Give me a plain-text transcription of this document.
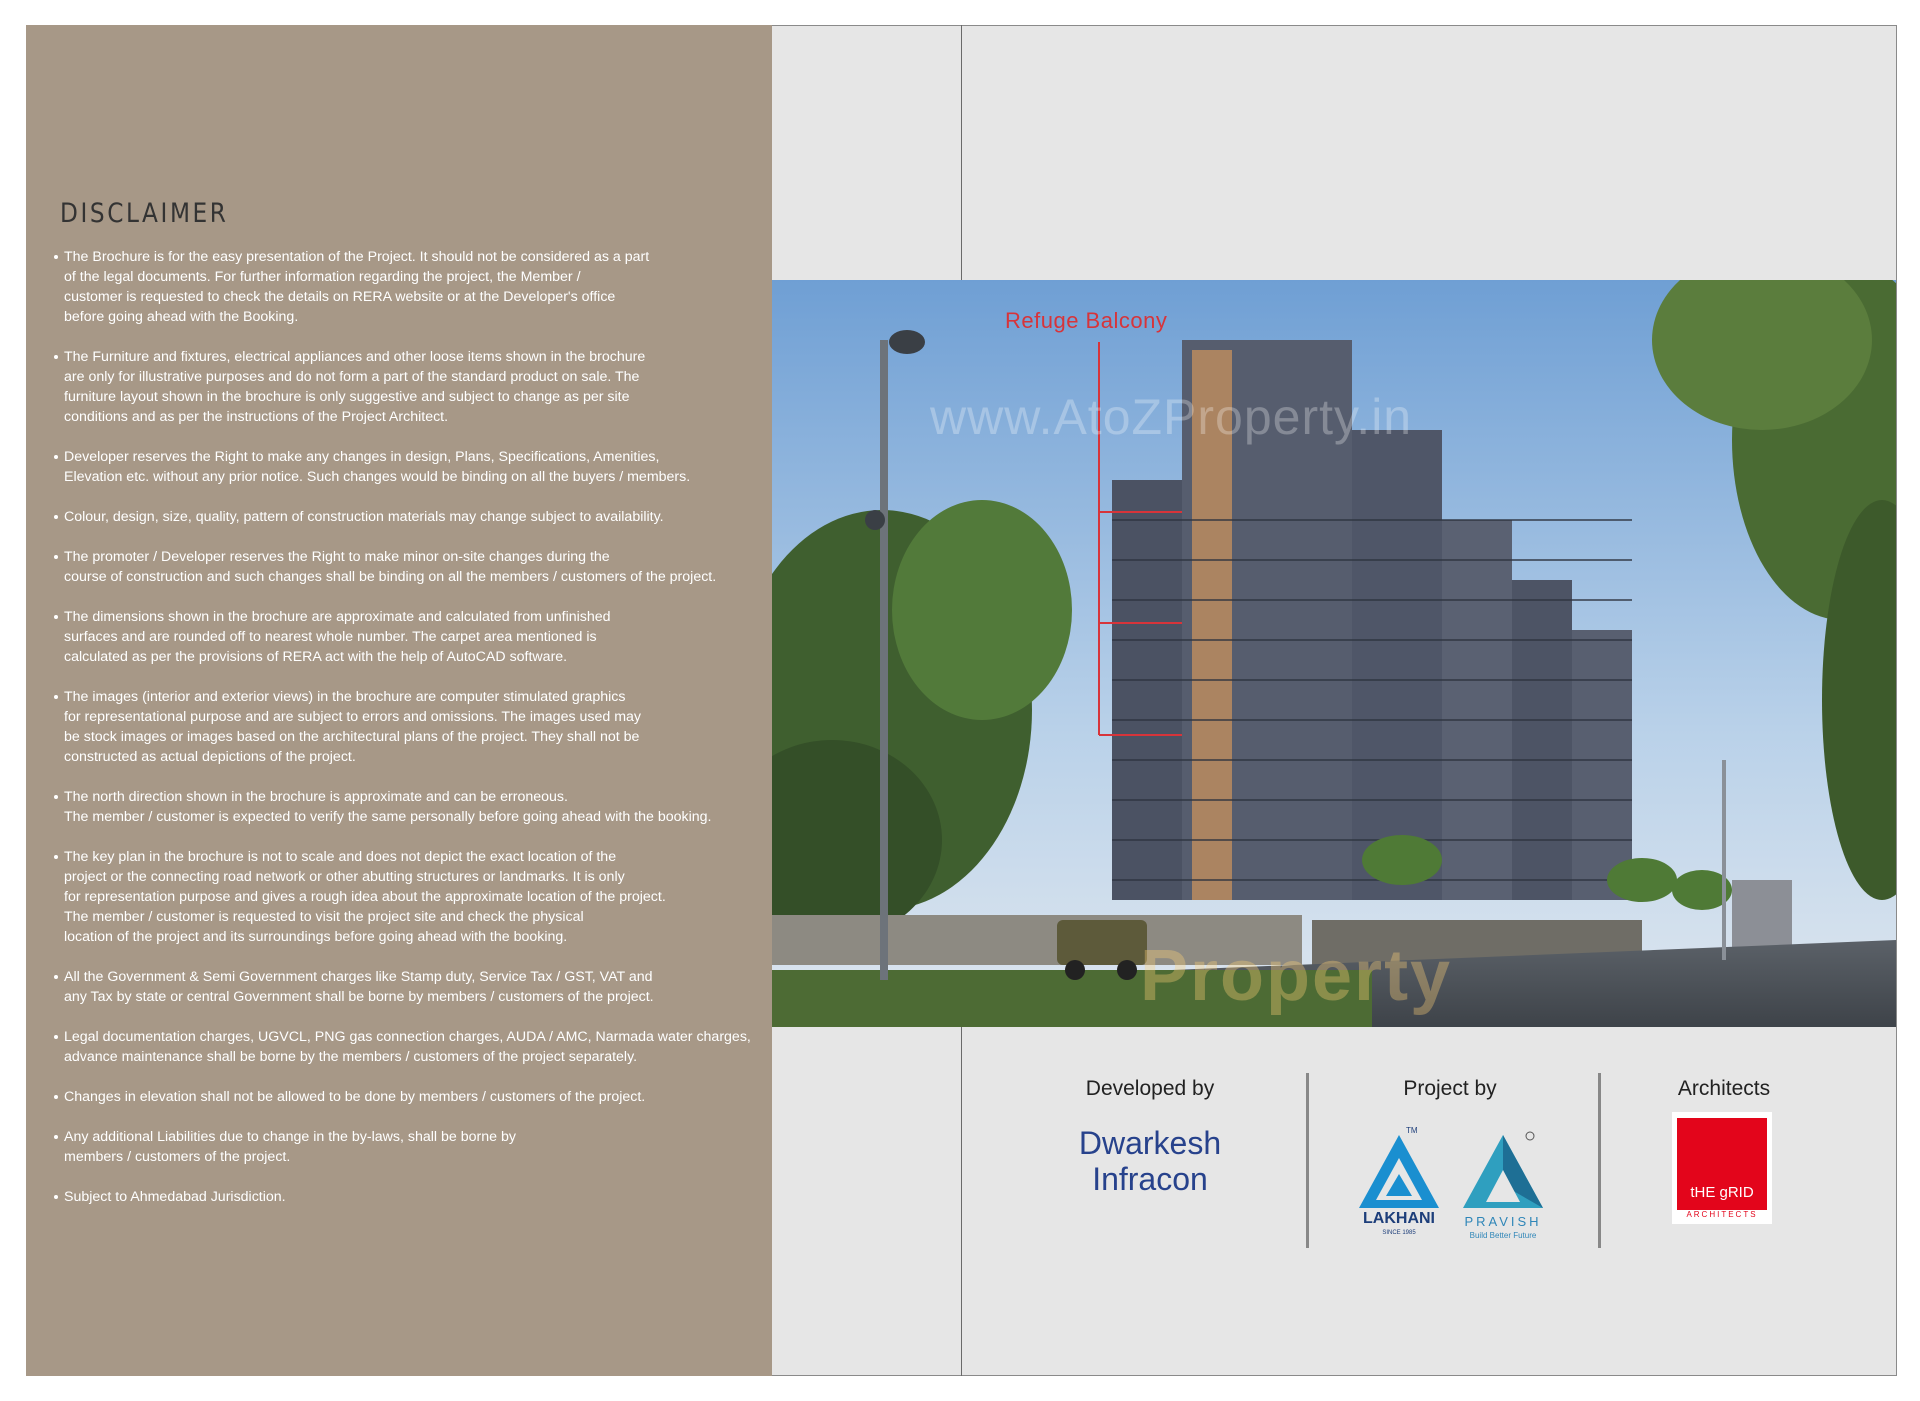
DISCLAIMER
The Brochure is for the easy presentation of the Project. It should not be considered as a part
of the legal documents. For further information regarding the project, the Member /
customer is requested to check the details on RERA website or at the Developer's office
before going ahead with the Booking.
The Furniture and fixtures, electrical appliances and other loose items shown in the brochure
are only for illustrative purposes and do not form a part of the standard product on sale. The
furniture layout shown in the brochure is only suggestive and subject to change as per site
conditions and as per the instructions of the Project Architect.
Developer reserves the Right to make any changes in design, Plans, Specifications, Amenities,
Elevation etc. without any prior notice. Such changes would be binding on all the buyers / members.
Colour, design, size, quality, pattern of construction materials may change subject to availability.
The promoter / Developer reserves the Right to make minor on-site changes during the
course of construction and such changes shall be binding on all the members / customers of the project.
The dimensions shown in the brochure are approximate and calculated from unfinished
surfaces and are rounded off to nearest whole number. The carpet area mentioned is
calculated as per the provisions of RERA act with the help of AutoCAD software.
The images (interior and exterior views) in the brochure are computer stimulated graphics
for representational purpose and are subject to errors and omissions. The images used may
be stock images or images based on the architectural plans of the project. They shall not be
constructed as actual depictions of the project.
The north direction shown in the brochure is approximate and can be erroneous.
The member / customer is expected to verify the same personally before going ahead with the booking.
The key plan in the brochure is not to scale and does not depict the exact location of the
project or the connecting road network or other abutting structures or landmarks. It is only
for representation purpose and gives a rough idea about the approximate location of the project.
The member / customer is requested to visit the project site and check the physical
location of the project and its surroundings before going ahead with the booking.
All the Government & Semi Government charges like Stamp duty, Service Tax / GST, VAT and
any Tax by state or central Government shall be borne by members / customers of the project.
Legal documentation charges, UGVCL, PNG gas connection charges, AUDA / AMC, Narmada water charges,
advance maintenance shall be borne by the members / customers of the project separately.
Changes in elevation shall not be allowed to be done by members / customers of the project.
Any additional Liabilities due to change in the by-laws, shall be borne by
members / customers of the project.
Subject to Ahmedabad Jurisdiction.
Refuge Balcony
www.AtoZProperty.in
Property
Developed by
Dwarkesh
Infracon
Project by
TM
LAKHANI
SINCE 1985
PRAVISH
Build Better Future
Architects
tHE gRID
ARCHITECTS
